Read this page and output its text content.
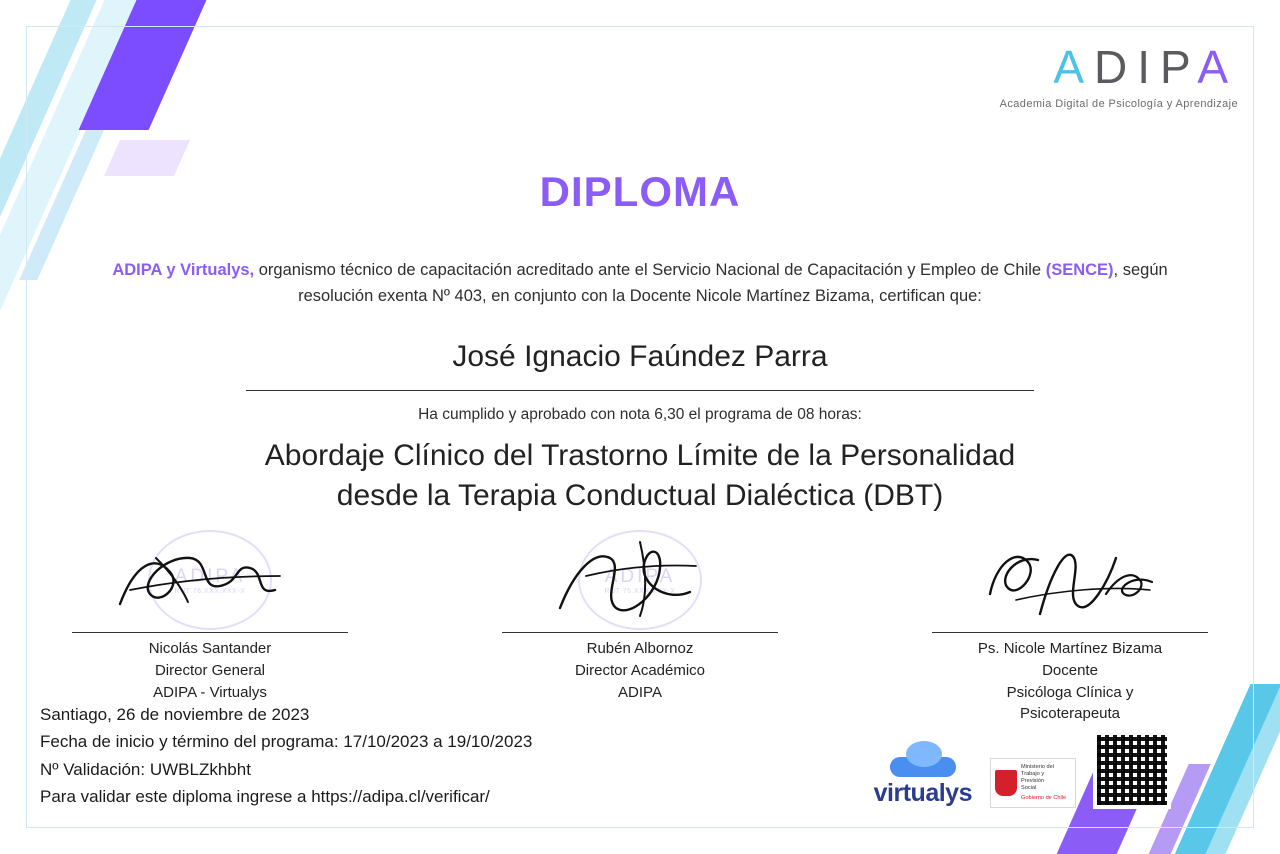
ADIPA
Academia Digital de Psicología y Aprendizaje
DIPLOMA
ADIPA y Virtualys, organismo técnico de capacitación acreditado ante el Servicio Nacional de Capacitación y Empleo de Chile (SENCE), según resolución exenta Nº 403, en conjunto con la Docente Nicole Martínez Bizama, certifican que:
José Ignacio Faúndez Parra
Ha cumplido y aprobado con nota 6,30 el programa de 08 horas:
Abordaje Clínico del Trastorno Límite de la Personalidad
desde la Terapia Conductual Dialéctica (DBT)
ADIPA
RUT 76.XXX.XXX-X
Nicolás Santander
Director General
ADIPA - Virtualys
ADIPA
RUT 76.XXX.XXX-X
Rubén Albornoz
Director Académico
ADIPA
Ps. Nicole Martínez Bizama
Docente
Psicóloga Clínica y
Psicoterapeuta
Santiago, 26 de noviembre de 2023
Fecha de inicio y término del programa: 17/10/2023 a 19/10/2023
Nº Validación: UWBLZkhbht
Para validar este diploma ingrese a https://adipa.cl/verificar/	virtualys
Ministerio del
Trabajo y
Previsión
Social
Gobierno de Chile
